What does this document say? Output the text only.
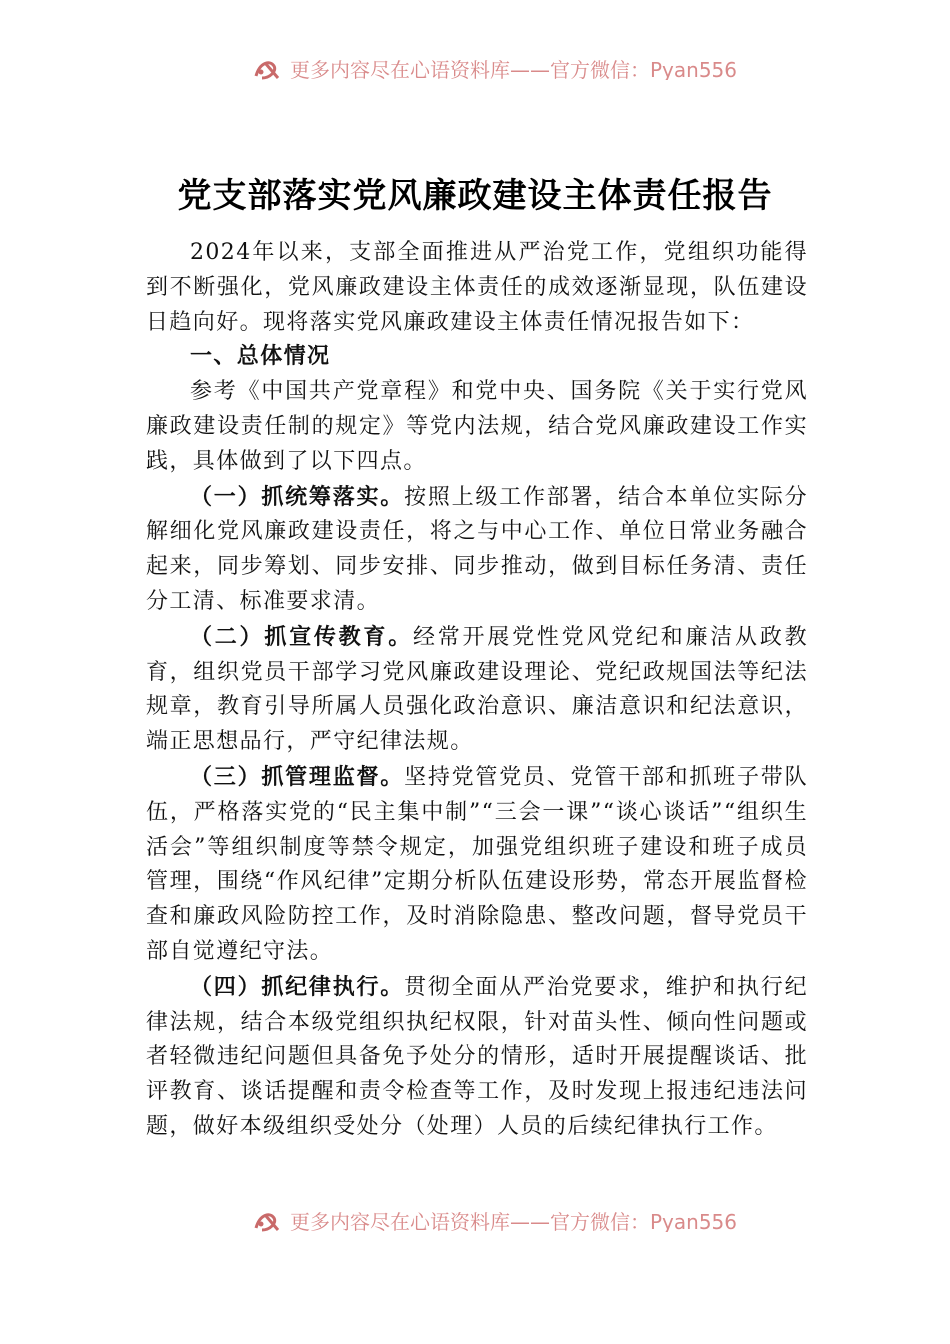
更多内容尽在心语资料库——官方微信：Pyan556
党支部落实党风廉政建设主体责任报告

2024年以来，支部全面推进从严治党工作，党组织功能得到不断强化，党风廉政建设主体责任的成效逐渐显现，队伍建设日趋向好。现将落实党风廉政建设主体责任情况报告如下：

一、总体情况

参考《中国共产党章程》和党中央、国务院《关于实行党风廉政建设责任制的规定》等党内法规，结合党风廉政建设工作实践，具体做到了以下四点。

（一）抓统筹落实。按照上级工作部署，结合本单位实际分解细化党风廉政建设责任，将之与中心工作、单位日常业务融合起来，同步筹划、同步安排、同步推动，做到目标任务清、责任分工清、标准要求清。

（二）抓宣传教育。经常开展党性党风党纪和廉洁从政教育，组织党员干部学习党风廉政建设理论、党纪政规国法等纪法规章，教育引导所属人员强化政治意识、廉洁意识和纪法意识，端正思想品行，严守纪律法规。

（三）抓管理监督。坚持党管党员、党管干部和抓班子带队伍，严格落实党的“民主集中制”“三会一课”“谈心谈话”“组织生活会”等组织制度等禁令规定，加强党组织班子建设和班子成员管理，围绕“作风纪律”定期分析队伍建设形势，常态开展监督检查和廉政风险防控工作，及时消除隐患、整改问题，督导党员干部自觉遵纪守法。

（四）抓纪律执行。贯彻全面从严治党要求，维护和执行纪律法规，结合本级党组织执纪权限，针对苗头性、倾向性问题或者轻微违纪问题但具备免予处分的情形，适时开展提醒谈话、批评教育、谈话提醒和责令检查等工作，及时发现上报违纪违法问题，做好本级组织受处分（处理）人员的后续纪律执行工作。

更多内容尽在心语资料库——官方微信：Pyan556
